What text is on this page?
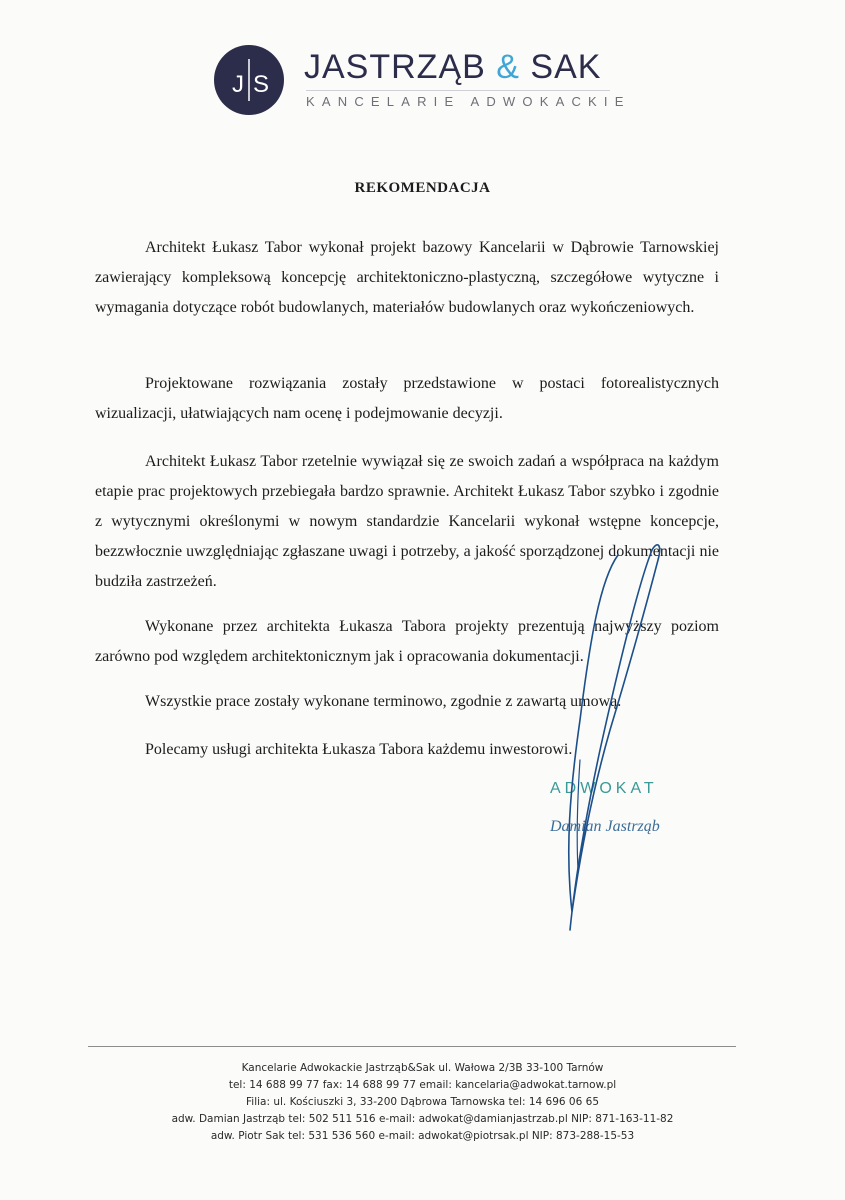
J S JASTRZĄB & SAK
KANCELARIE ADWOKACKIE
REKOMENDACJA

Architekt Łukasz Tabor wykonał projekt bazowy Kancelarii w Dąbrowie Tarnowskiej zawierający kompleksową koncepcję architektoniczno-plastyczną, szczegółowe wytyczne i wymagania dotyczące robót budowlanych, materiałów budowlanych oraz wykończeniowych.

Projektowane rozwiązania zostały przedstawione w postaci fotorealistycznych wizualizacji, ułatwiających nam ocenę i podejmowanie decyzji.

Architekt Łukasz Tabor rzetelnie wywiązał się ze swoich zadań a współpraca na każdym etapie prac projektowych przebiegała bardzo sprawnie. Architekt Łukasz Tabor szybko i zgodnie z wytycznymi określonymi w nowym standardzie Kancelarii wykonał wstępne koncepcje, bezzwłocznie uwzględniając zgłaszane uwagi i potrzeby, a jakość sporządzonej dokumentacji nie budziła zastrzeżeń.

Wykonane przez architekta Łukasza Tabora projekty prezentują najwyższy poziom zarówno pod względem architektonicznym jak i opracowania dokumentacji.

Wszystkie prace zostały wykonane terminowo, zgodnie z zawartą umową.

Polecamy usługi architekta Łukasza Tabora każdemu inwestorowi.

ADWOKAT
Damian Jastrząb
Kancelarie Adwokackie Jastrząb&Sak ul. Wałowa 2/3B 33-100 Tarnów
tel: 14 688 99 77 fax: 14 688 99 77 email: kancelaria@adwokat.tarnow.pl
Filia: ul. Kościuszki 3, 33-200 Dąbrowa Tarnowska tel: 14 696 06 65
adw. Damian Jastrząb tel: 502 511 516 e-mail: adwokat@damianjastrzab.pl NIP: 871-163-11-82
adw. Piotr Sak tel: 531 536 560 e-mail: adwokat@piotrsak.pl NIP: 873-288-15-53
